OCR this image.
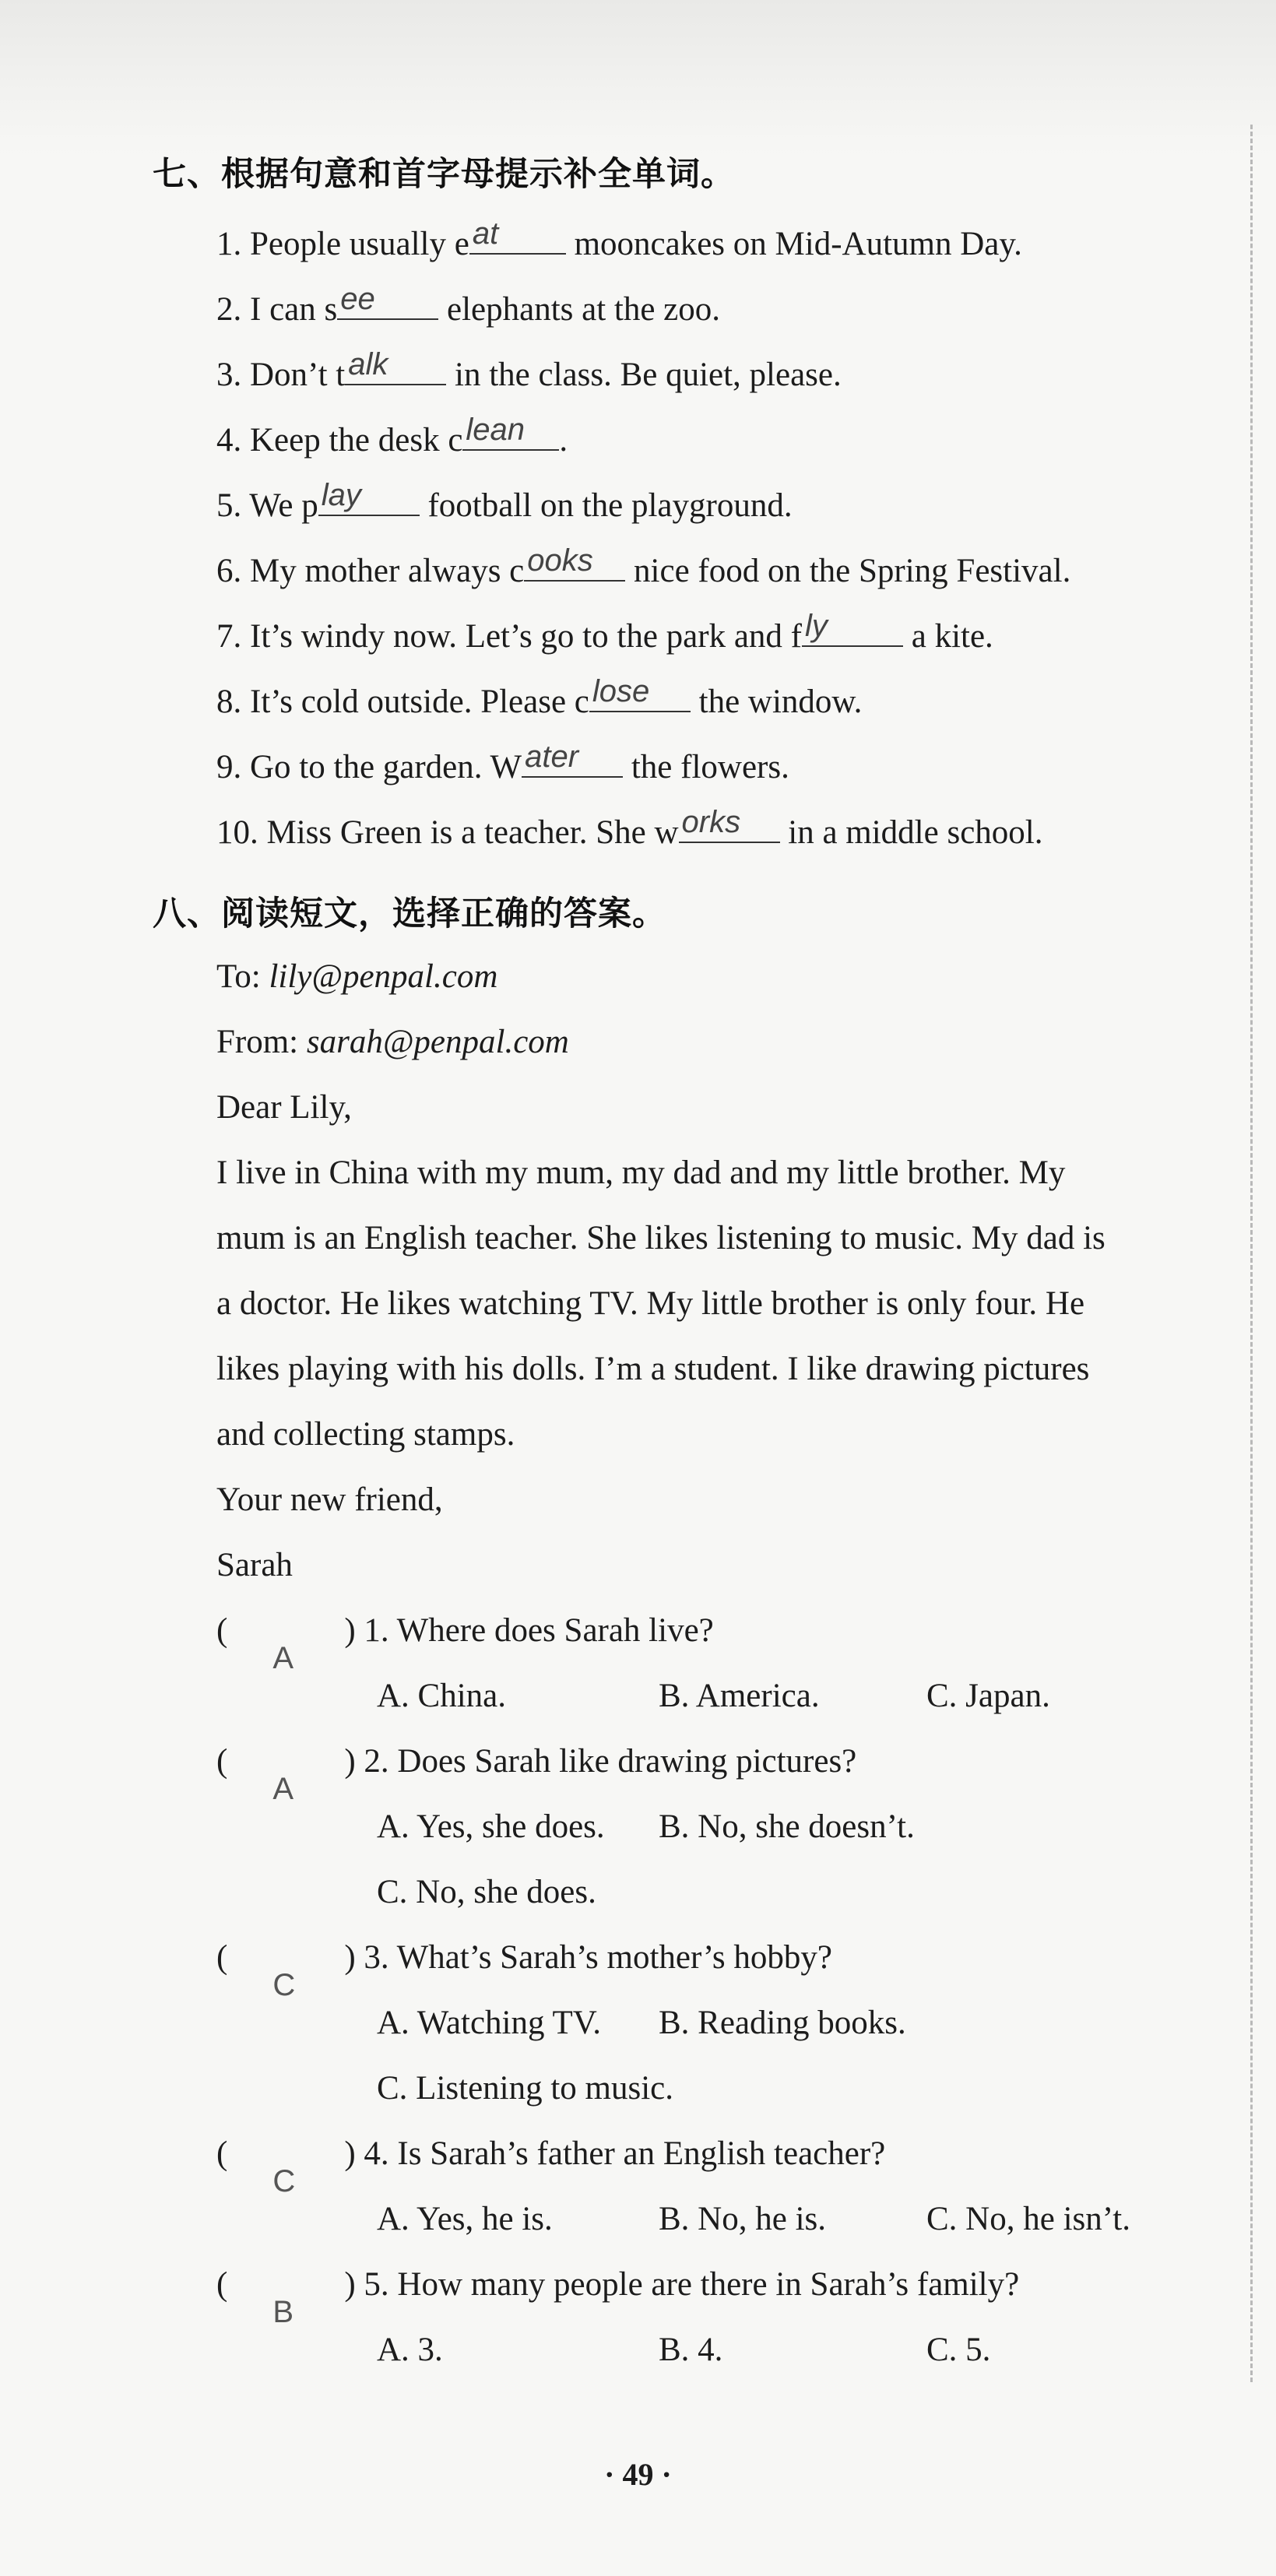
七、根据句意和首字母提示补全单词。
1. People usually e at mooncakes on Mid-Autumn Day.
2. I can s ee elephants at the zoo.
3. Don’t t alk in the class. Be quiet, please.
4. Keep the desk c lean .
5. We p lay football on the playground.
6. My mother always c ooks nice food on the Spring Festival.
7. It’s windy now. Let’s go to the park and f ly a kite.
8. It’s cold outside. Please c lose the window.
9. Go to the garden. W ater the flowers.
10. Miss Green is a teacher. She w orks in a middle school.
八、阅读短文，选择正确的答案。
To: lily@penpal.com
From: sarah@penpal.com
Dear Lily,
I live in China with my mum, my dad and my little brother. My
mum is an English teacher. She likes listening to music. My dad is
a doctor. He likes watching TV. My little brother is only four. He
likes playing with his dolls. I’m a student. I like drawing pictures
and collecting stamps.
Your new friend,
Sarah
(
A
) 1. Where does Sarah live?
A. China.	B. America.	C. Japan.
(
A
) 2. Does Sarah like drawing pictures?
A. Yes, she does. B. No, she doesn’t.
C. No, she does.
(
C
) 3. What’s Sarah’s mother’s hobby?
A. Watching TV. B. Reading books.
C. Listening to music.
(
C
) 4. Is Sarah’s father an English teacher?
A. Yes, he is.	B. No, he is.	C. No, he isn’t.
(
B
) 5. How many people are there in Sarah’s family?
A. 3.	B. 4.	C. 5.
· 49 ·
